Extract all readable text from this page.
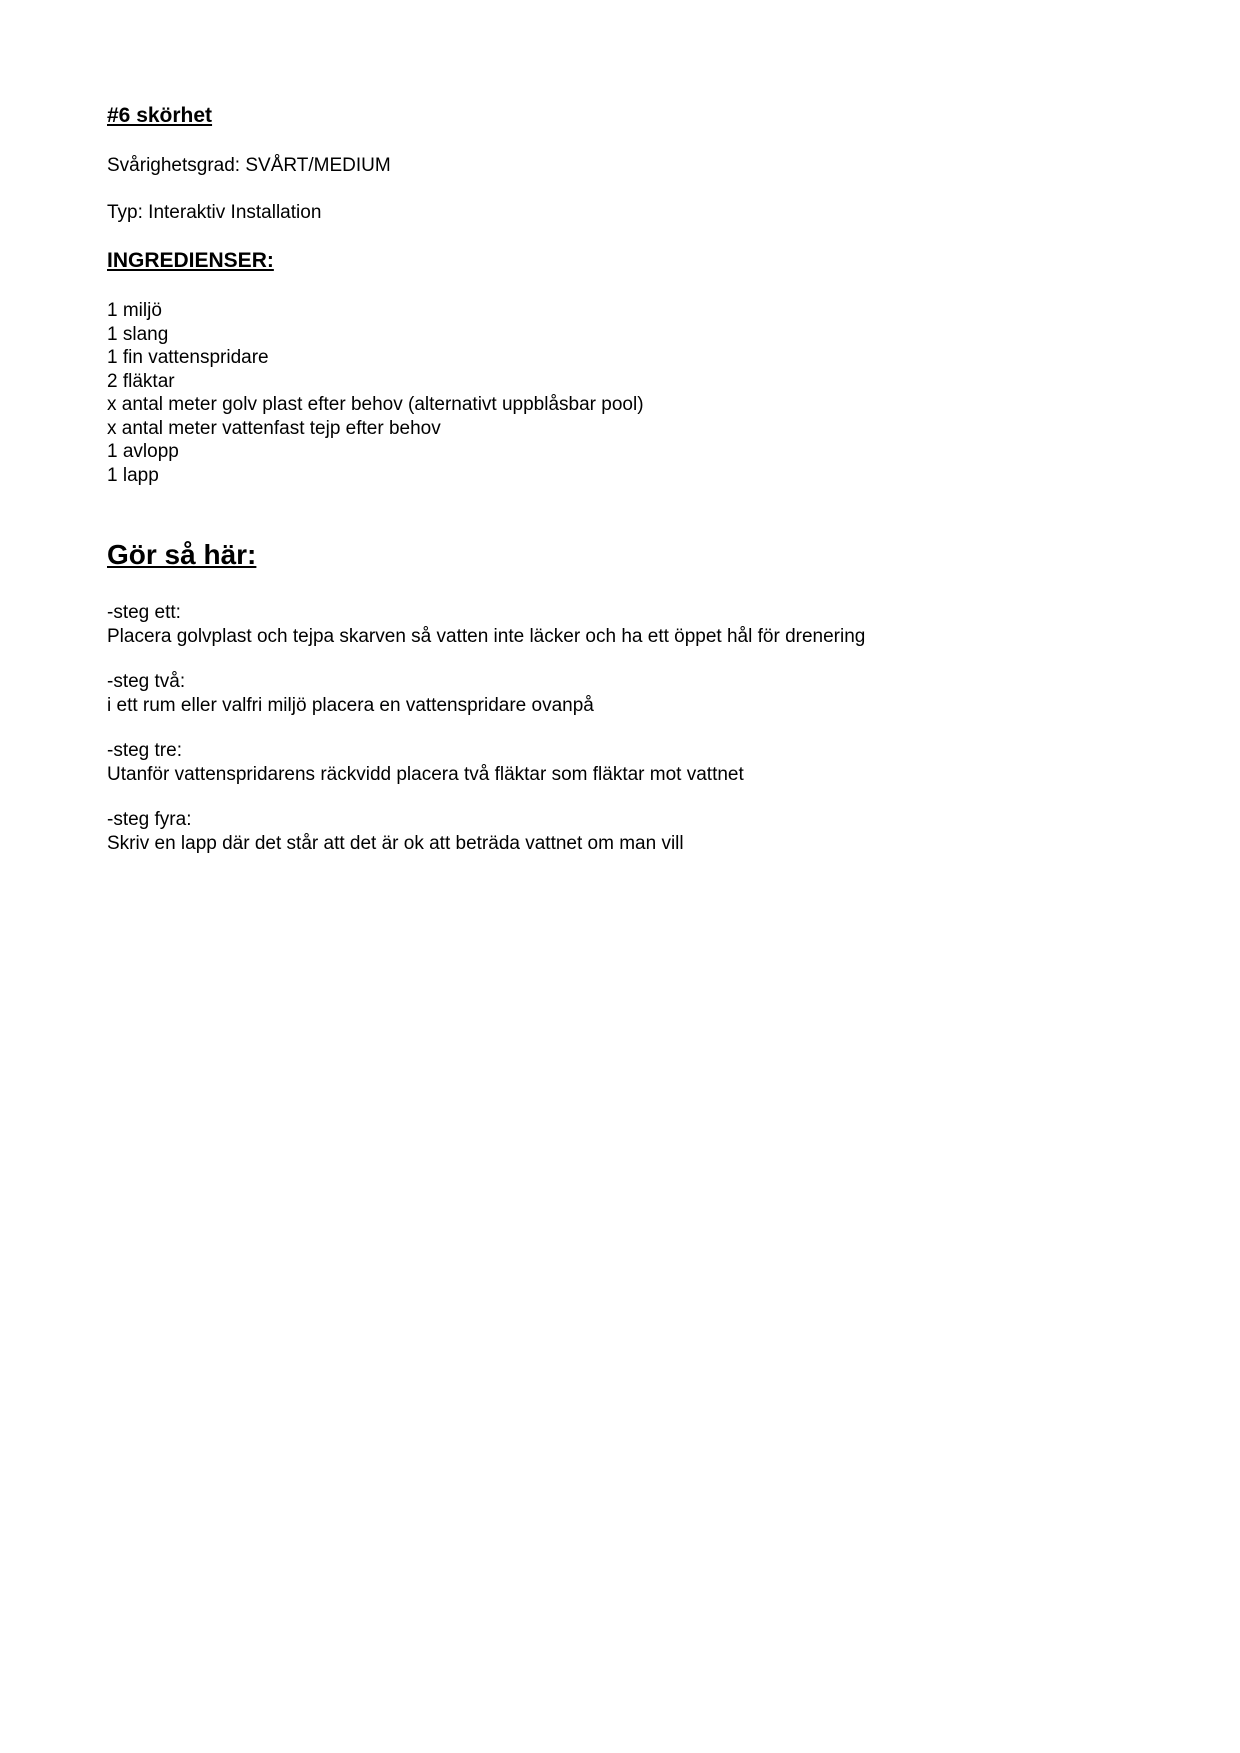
#6 skörhet
Svårighetsgrad: SVÅRT/MEDIUM
Typ: Interaktiv Installation
INGREDIENSER:
1 miljö
1 slang
1 fin vattenspridare
2 fläktar
x antal meter golv plast efter behov (alternativt uppblåsbar pool)
x antal meter vattenfast tejp efter behov
1 avlopp
1 lapp
Gör så här:
-steg ett:
Placera golvplast och tejpa skarven så vatten inte läcker och ha ett öppet hål för drenering
-steg två:
i ett rum eller valfri miljö placera en vattenspridare ovanpå
-steg tre:
Utanför vattenspridarens räckvidd placera två fläktar som fläktar mot vattnet
-steg fyra:
Skriv en lapp där det står att det är ok att beträda vattnet om man vill
